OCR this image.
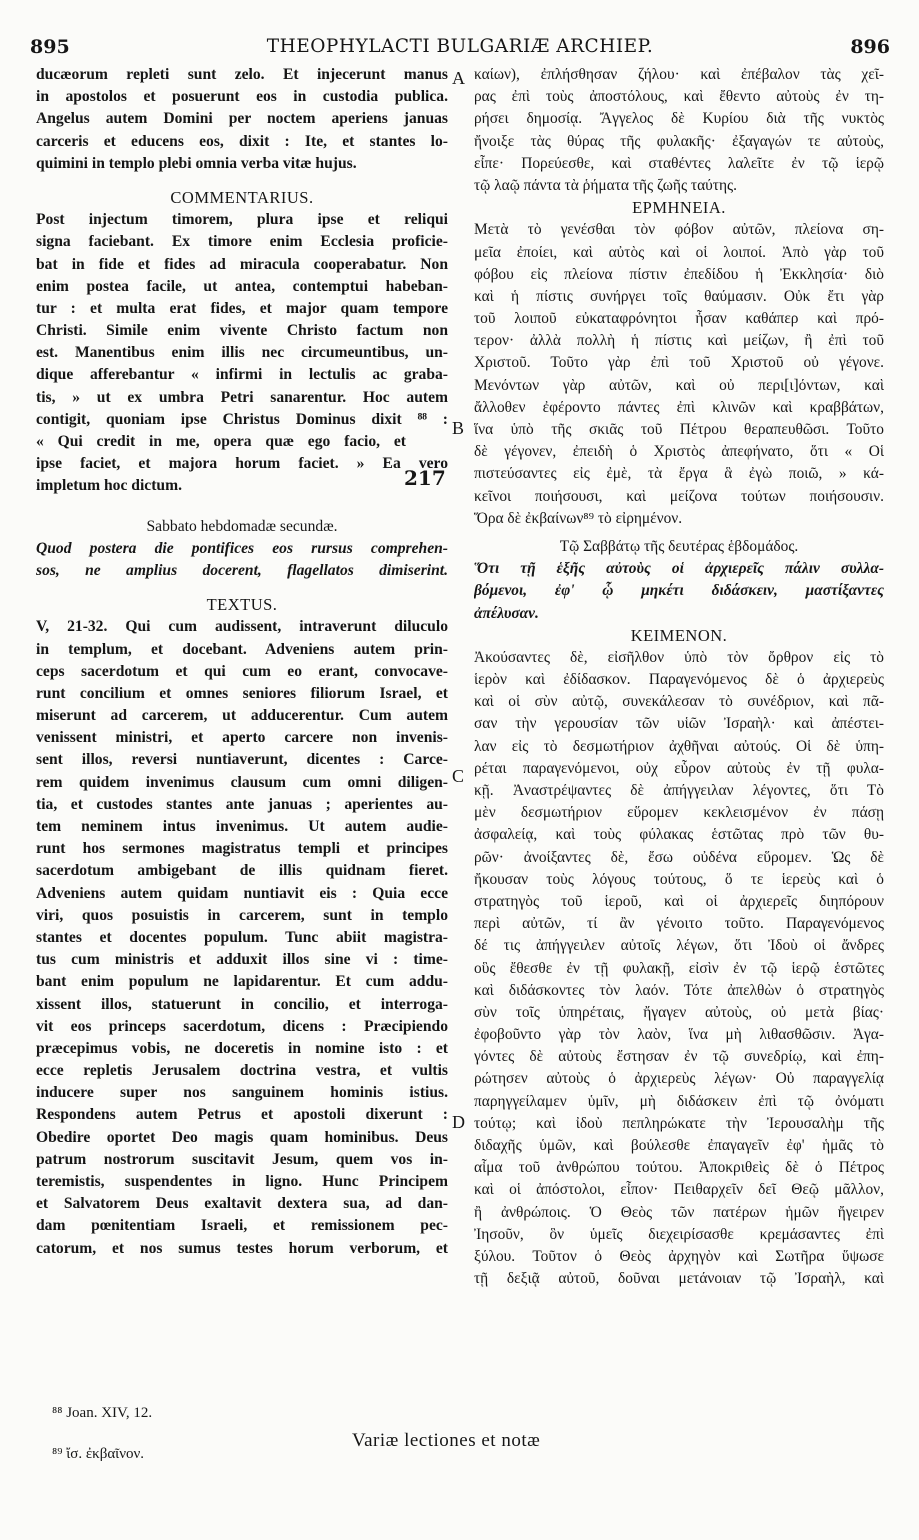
895	THEOPHYLACTI BULGARIÆ ARCHIEP.	896
A
B
C
D
ducæorum repleti sunt zelo. Et injecerunt manus
in apostolos et posuerunt eos in custodia publica.
Angelus autem Domini per noctem aperiens januas
carceris et educens eos, dixit : Ite, et stantes lo-
quimini in templo plebi omnia verba vitæ hujus.
COMMENTARIUS.
Post injectum timorem, plura ipse et reliqui
signa faciebant. Ex timore enim Ecclesia proficie-
bat in fide et fides ad miracula cooperabatur. Non
enim postea facile, ut antea, contemptui habeban-
tur : et multa erat fides, et major quam tempore
Christi. Simile enim vivente Christo factum non
est. Manentibus enim illis nec circumeuntibus, un-
dique afferebantur « infirmi in lectulis ac graba-
tis, » ut ex umbra Petri sanarentur. Hoc autem
contigit, quoniam ipse Christus Dominus dixit ⁸⁸ :
« Qui credit in me, opera quæ ego facio, et
ipse faciet, et majora horum faciet. » Ea vero
impletum hoc dictum.
Sabbato hebdomadæ secundæ.
Quod postera die pontifices eos rursus comprehen-
sos, ne amplius docerent, flagellatos dimiserint.
TEXTUS.
V, 21-32. Qui cum audissent, intraverunt diluculo
in templum, et docebant. Adveniens autem prin-
ceps sacerdotum et qui cum eo erant, convocave-
runt concilium et omnes seniores filiorum Israel, et
miserunt ad carcerem, ut adducerentur. Cum autem
venissent ministri, et aperto carcere non invenis-
sent illos, reversi nuntiaverunt, dicentes : Carce-
rem quidem invenimus clausum cum omni diligen-
tia, et custodes stantes ante januas ; aperientes au-
tem neminem intus invenimus. Ut autem audie-
runt hos sermones magistratus templi et principes
sacerdotum ambigebant de illis quidnam fieret.
Adveniens autem quidam nuntiavit eis : Quia ecce
viri, quos posuistis in carcerem, sunt in templo
stantes et docentes populum. Tunc abiit magistra-
tus cum ministris et adduxit illos sine vi : time-
bant enim populum ne lapidarentur. Et cum addu-
xissent illos, statuerunt in concilio, et interroga-
vit eos princeps sacerdotum, dicens : Præcipiendo
præcepimus vobis, ne doceretis in nomine isto : et
ecce repletis Jerusalem doctrina vestra, et vultis
inducere super nos sanguinem hominis istius.
Respondens autem Petrus et apostoli dixerunt :
Obedire oportet Deo magis quam hominibus. Deus
patrum nostrorum suscitavit Jesum, quem vos in-
teremistis, suspendentes in ligno. Hunc Principem
et Salvatorem Deus exaltavit dextera sua, ad dan-
dam pœnitentiam Israeli, et remissionem pec-
catorum, et nos sumus testes horum verborum, et
217
καίων), ἐπλήσθησαν ζήλου· καὶ ἐπέβαλον τὰς χεῖ-
ρας ἐπὶ τοὺς ἀποστόλους, καὶ ἔθεντο αὐτοὺς ἐν τη-
ρήσει δημοσίᾳ. Ἄγγελος δὲ Κυρίου διὰ τῆς νυκτὸς
ἤνοιξε τὰς θύρας τῆς φυλακῆς· ἐξαγαγών τε αὐτοὺς,
εἶπε· Πορεύεσθε, καὶ σταθέντες λαλεῖτε ἐν τῷ ἱερῷ
τῷ λαῷ πάντα τὰ ῥήματα τῆς ζωῆς ταύτης.
ΕΡΜΗΝΕΙΑ.
Μετὰ τὸ γενέσθαι τὸν φόβον αὐτῶν, πλείονα ση-
μεῖα ἐποίει, καὶ αὐτὸς καὶ οἱ λοιποί. Ἀπὸ γὰρ τοῦ
φόβου εἰς πλείονα πίστιν ἐπεδίδου ἡ Ἐκκλησία· διὸ
καὶ ἡ πίστις συνήργει τοῖς θαύμασιν. Οὐκ ἔτι γὰρ
τοῦ λοιποῦ εὐκαταφρόνητοι ἦσαν καθάπερ καὶ πρό-
τερον· ἀλλὰ πολλὴ ἡ πίστις καὶ μείζων, ἢ ἐπὶ τοῦ
Χριστοῦ. Τοῦτο γὰρ ἐπὶ τοῦ Χριστοῦ οὐ γέγονε.
Μενόντων γὰρ αὐτῶν, καὶ οὐ περι[ι]όντων, καὶ
ἄλλοθεν ἐφέροντο πάντες ἐπὶ κλινῶν καὶ κραββάτων,
ἵνα ὑπὸ τῆς σκιᾶς τοῦ Πέτρου θεραπευθῶσι. Τοῦτο
δὲ γέγονεν, ἐπειδὴ ὁ Χριστὸς ἀπεφήνατο, ὅτι « Οἱ
πιστεύσαντες εἰς ἐμὲ, τὰ ἔργα ἃ ἐγὼ ποιῶ, » κά-
κεῖνοι ποιήσουσι, καὶ μείζονα τούτων ποιήσουσιν.
Ὅρα δὲ ἐκβαίνων⁸⁹ τὸ εἰρημένον.
Τῷ Σαββάτῳ τῆς δευτέρας ἑβδομάδος.
Ὅτι τῇ ἑξῆς αὐτοὺς οἱ ἀρχιερεῖς πάλιν συλλα-
βόμενοι, ἐφ' ᾧ μηκέτι διδάσκειν, μαστίξαντες
ἀπέλυσαν.
ΚΕΙΜΕΝΟΝ.
Ἀκούσαντες δὲ, εἰσῆλθον ὑπὸ τὸν ὄρθρον εἰς τὸ
ἱερὸν καὶ ἐδίδασκον. Παραγενόμενος δὲ ὁ ἀρχιερεὺς
καὶ οἱ σὺν αὐτῷ, συνεκάλεσαν τὸ συνέδριον, καὶ πᾶ-
σαν τὴν γερουσίαν τῶν υἱῶν Ἰσραὴλ· καὶ ἀπέστει-
λαν εἰς τὸ δεσμωτήριον ἀχθῆναι αὐτούς. Οἱ δὲ ὑπη-
ρέται παραγενόμενοι, οὐχ εὗρον αὐτοὺς ἐν τῇ φυλα-
κῇ. Ἀναστρέψαντες δὲ ἀπήγγειλαν λέγοντες, ὅτι Τὸ
μὲν δεσμωτήριον εὕρομεν κεκλεισμένον ἐν πάσῃ
ἀσφαλείᾳ, καὶ τοὺς φύλακας ἑστῶτας πρὸ τῶν θυ-
ρῶν· ἀνοίξαντες δὲ, ἔσω οὐδένα εὕρομεν. Ὡς δὲ
ἤκουσαν τοὺς λόγους τούτους, ὅ τε ἱερεὺς καὶ ὁ
στρατηγὸς τοῦ ἱεροῦ, καὶ οἱ ἀρχιερεῖς διηπόρουν
περὶ αὐτῶν, τί ἂν γένοιτο τοῦτο. Παραγενόμενος
δέ τις ἀπήγγειλεν αὐτοῖς λέγων, ὅτι Ἰδοὺ οἱ ἄνδρες
οὓς ἔθεσθε ἐν τῇ φυλακῇ, εἰσὶν ἐν τῷ ἱερῷ ἑστῶτες
καὶ διδάσκοντες τὸν λαόν. Τότε ἀπελθὼν ὁ στρατηγὸς
σὺν τοῖς ὑπηρέταις, ἤγαγεν αὐτοὺς, οὐ μετὰ βίας·
ἐφοβοῦντο γὰρ τὸν λαὸν, ἵνα μὴ λιθασθῶσιν. Ἀγα-
γόντες δὲ αὐτοὺς ἔστησαν ἐν τῷ συνεδρίῳ, καὶ ἐπη-
ρώτησεν αὐτοὺς ὁ ἀρχιερεὺς λέγων· Οὐ παραγγελίᾳ
παρηγγείλαμεν ὑμῖν, μὴ διδάσκειν ἐπὶ τῷ ὀνόματι
τούτῳ; καὶ ἰδοὺ πεπληρώκατε τὴν Ἰερουσαλὴμ τῆς
διδαχῆς ὑμῶν, καὶ βούλεσθε ἐπαγαγεῖν ἐφ' ἡμᾶς τὸ
αἷμα τοῦ ἀνθρώπου τούτου. Ἀποκριθεὶς δὲ ὁ Πέτρος
καὶ οἱ ἀπόστολοι, εἶπον· Πειθαρχεῖν δεῖ Θεῷ μᾶλλον,
ἢ ἀνθρώποις. Ὁ Θεὸς τῶν πατέρων ἡμῶν ἤγειρεν
Ἰησοῦν, ὃν ὑμεῖς διεχειρίσασθε κρεμάσαντες ἐπὶ
ξύλου. Τοῦτον ὁ Θεὸς ἀρχηγὸν καὶ Σωτῆρα ὕψωσε
τῇ δεξιᾷ αὐτοῦ, δοῦναι μετάνοιαν τῷ Ἰσραὴλ, καὶ
⁸⁸ Joan. XIV, 12.
⁸⁹ ἴσ. ἐκβαῖνον.
Variæ lectiones et notæ
